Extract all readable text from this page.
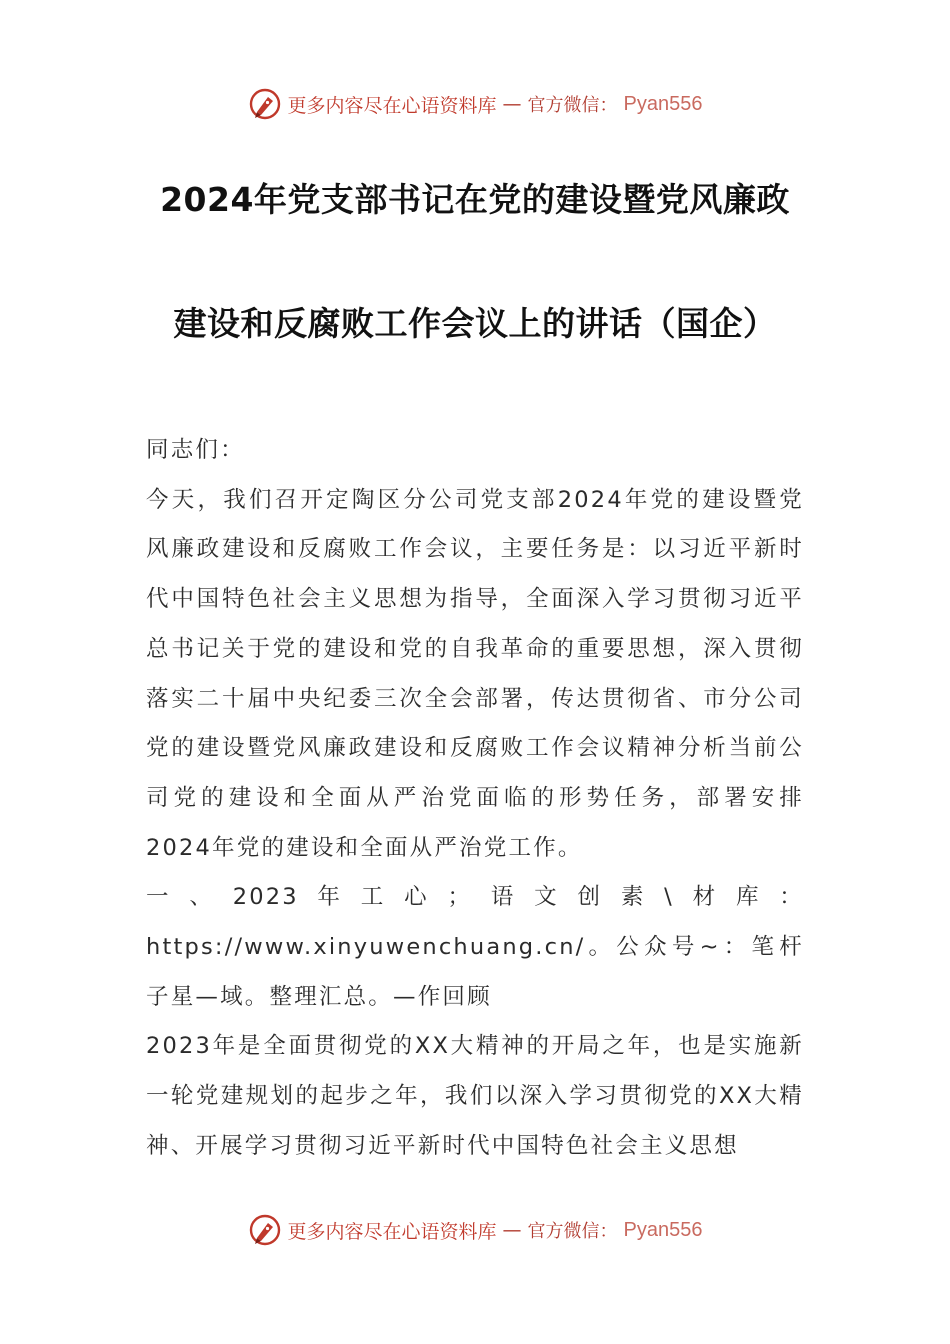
更多内容尽在心语资料库 — 官方微信： Pyan556
2024年党支部书记在党的建设暨党风廉政
建设和反腐败工作会议上的讲话（国企）

同志们：

今天，我们召开定陶区分公司党支部2024年党的建设暨党风廉政建设和反腐败工作会议，主要任务是：以习近平新时代中国特色社会主义思想为指导，全面深入学习贯彻习近平总书记关于党的建设和党的自我革命的重要思想，深入贯彻落实二十届中央纪委三次全会部署，传达贯彻省、市分公司党的建设暨党风廉政建设和反腐败工作会议精神分析当前公司党的建设和全面从严治党面临的形势任务，部署安排2024年党的建设和全面从严治党工作。

一、2023年工心；语文创素\材库：https://www.xinyuwenchuang.cn/。公众号~：笔杆子星—域。整理汇总。—作回顾

2023年是全面贯彻党的XX大精神的开局之年，也是实施新一轮党建规划的起步之年，我们以深入学习贯彻党的XX大精神、开展学习贯彻习近平新时代中国特色社会主义思想

更多内容尽在心语资料库 — 官方微信： Pyan556
